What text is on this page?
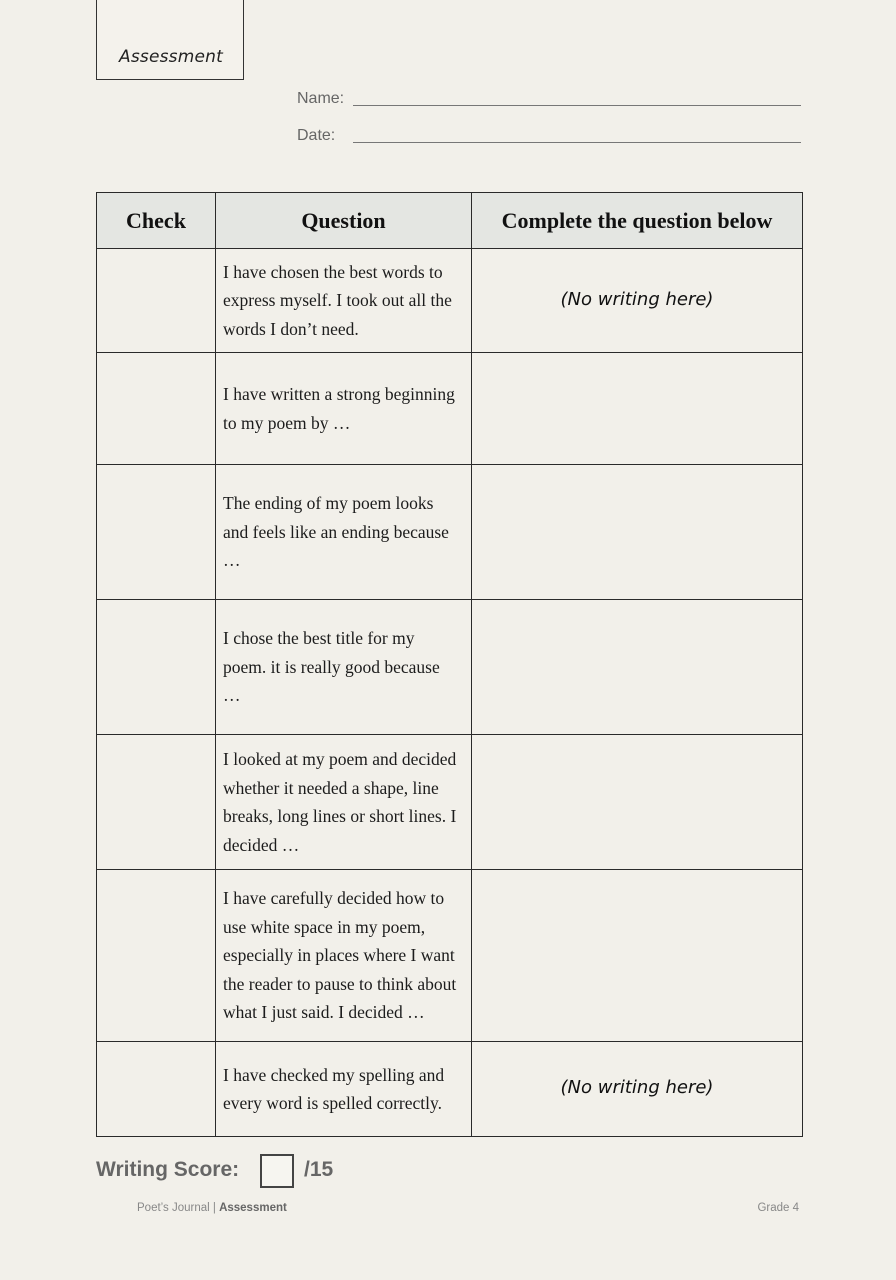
Assessment
Name:
Date:
Check	Question	Complete the question below
	I have chosen the best words to express myself. I took out all the words I don’t need.	(No writing here)
	I have written a strong beginning to my poem by …	
	The ending of my poem looks and feels like an ending because …	
	I chose the best title for my poem. it is really good because …	
	I looked at my poem and decided whether it needed a shape, line breaks, long lines or short lines. I decided …	
	I have carefully decided how to use white space in my poem, especially in places where I want the reader to pause to think about what I just said. I decided …	
	I have checked my spelling and every word is spelled correctly.	(No writing here)
Writing Score:	/15
Poet’s Journal | Assessment	Grade 4
